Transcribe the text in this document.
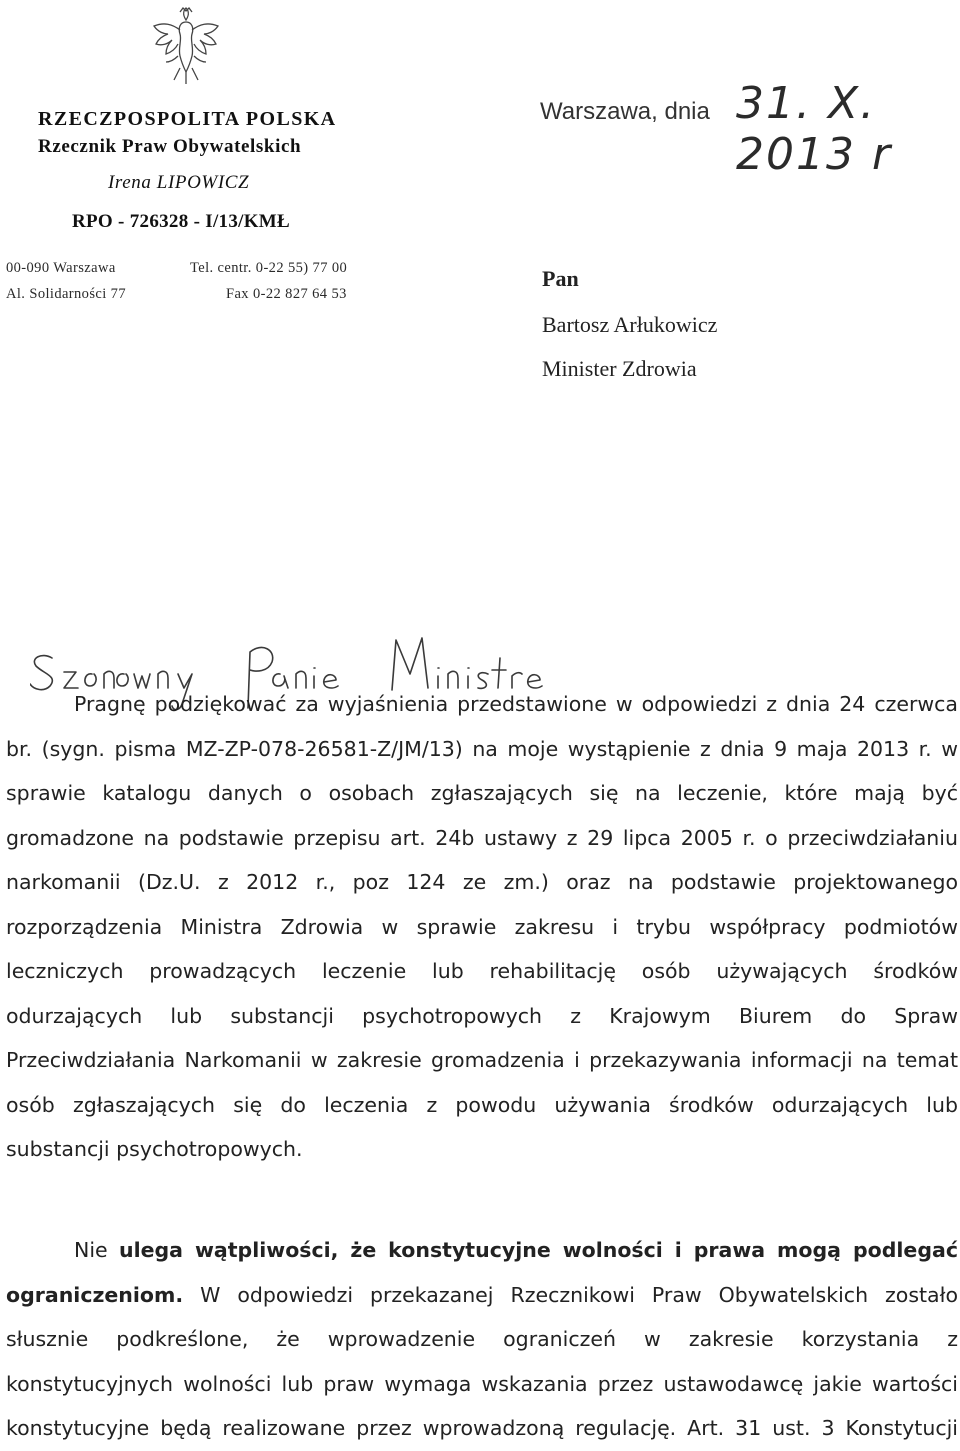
RZECZPOSPOLITA POLSKA
Rzecznik Praw Obywatelskich
Irena LIPOWICZ
RPO - 726328 - I/13/KMŁ
00-090 Warszawa	Tel. centr. 0-22 55) 77 00
Al. Solidarności 77	Fax 0-22 827 64 53
Warszawa, dnia 31. X. 2013 r
Pan
Bartosz Arłukowicz
Minister Zdrowia
Pragnę podziękować za wyjaśnienia przedstawione w odpowiedzi z dnia 24 czerwca
br. (sygn. pisma MZ-ZP-078-26581-Z/JM/13) na moje wystąpienie z dnia 9 maja 2013 r. w
sprawie katalogu danych o osobach zgłaszających się na leczenie, które mają być
gromadzone na podstawie przepisu art. 24b ustawy z 29 lipca 2005 r. o przeciwdziałaniu
narkomanii (Dz.U. z 2012 r., poz 124 ze zm.) oraz na podstawie projektowanego
rozporządzenia Ministra Zdrowia w sprawie zakresu i trybu współpracy podmiotów
leczniczych prowadzących leczenie lub rehabilitację osób używających środków
odurzających lub substancji psychotropowych z Krajowym Biurem do Spraw
Przeciwdziałania Narkomanii w zakresie gromadzenia i przekazywania informacji na temat
osób zgłaszających się do leczenia z powodu używania środków odurzających lub
substancji psychotropowych.
Nie ulega wątpliwości, że konstytucyjne wolności i prawa mogą podlegać
ograniczeniom. W odpowiedzi przekazanej Rzecznikowi Praw Obywatelskich zostało
słusznie podkreślone, że wprowadzenie ograniczeń w zakresie korzystania z
konstytucyjnych wolności lub praw wymaga wskazania przez ustawodawcę jakie wartości
konstytucyjne będą realizowane przez wprowadzoną regulację. Art. 31 ust. 3 Konstytucji
